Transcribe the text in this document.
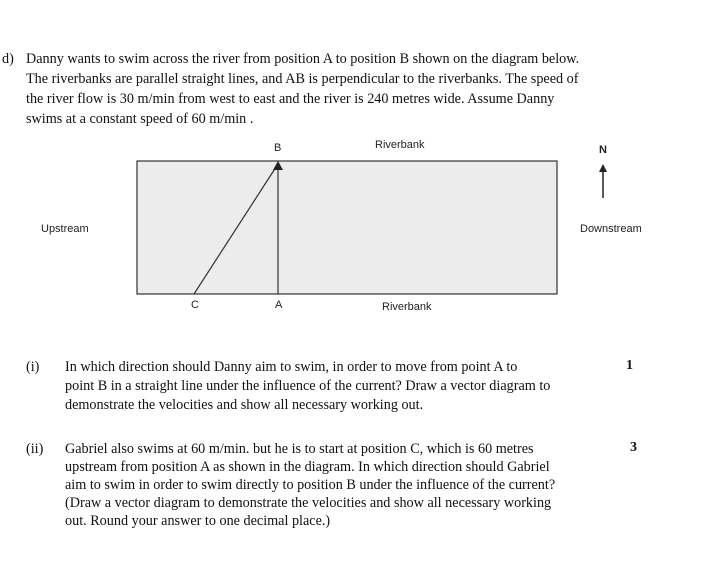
d) Danny wants to swim across the river from position A to position B shown on the diagram below.
The riverbanks are parallel straight lines, and AB is perpendicular to the riverbanks. The speed of
the river flow is 30 m/min from west to east and the river is 240 metres wide. Assume Danny
swims at a constant speed of 60 m/min .
B	Riverbank	N
Upstream	Downstream
C	A	Riverbank
(i)	1
In which direction should Danny aim to swim, in order to move from point A to
point B in a straight line under the influence of the current? Draw a vector diagram to
demonstrate the velocities and show all necessary working out.
(ii)	3
Gabriel also swims at 60 m/min. but he is to start at position C, which is 60 metres
upstream from position A as shown in the diagram. In which direction should Gabriel
aim to swim in order to swim directly to position B under the influence of the current?
(Draw a vector diagram to demonstrate the velocities and show all necessary working
out. Round your answer to one decimal place.)
